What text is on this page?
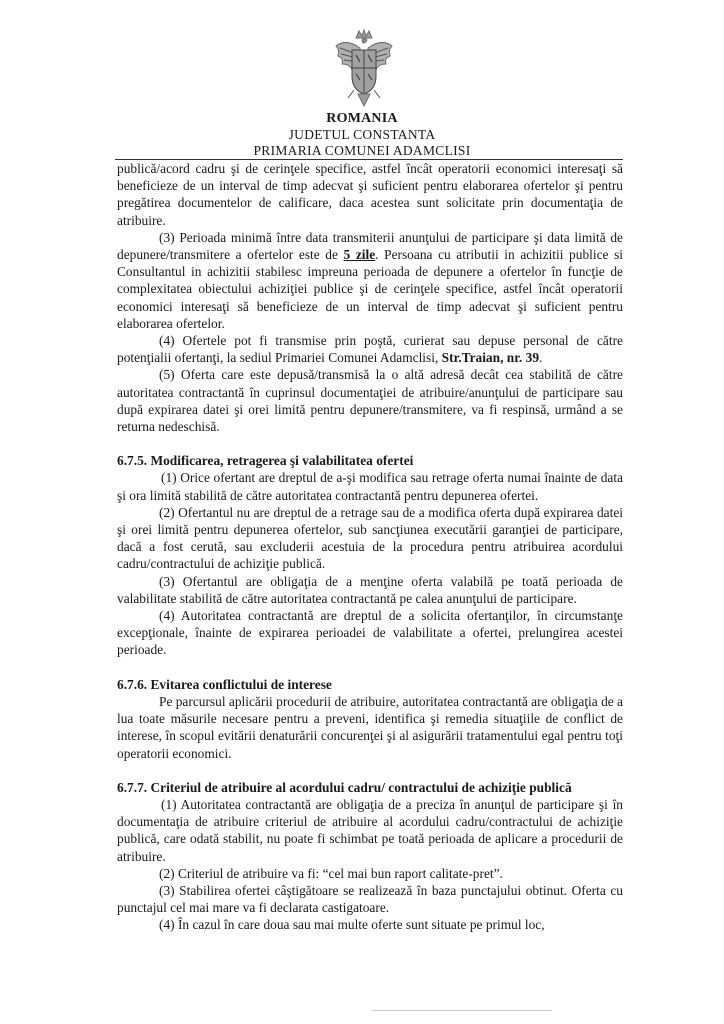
ROMANIA
JUDETUL CONSTANTA
PRIMARIA COMUNEI ADAMCLISI

publică/acord cadru şi de cerinţele specifice, astfel încât operatorii economici interesaţi să beneficieze de un interval de timp adecvat şi suficient pentru elaborarea ofertelor şi pentru pregătirea documentelor de calificare, daca acestea sunt solicitate prin documentaţia de atribuire.

(3) Perioada minimă între data transmiterii anunţului de participare şi data limită de depunere/transmitere a ofertelor este de 5 zile. Persoana cu atributii in achizitii publice si Consultantul in achizitii stabilesc impreuna perioada de depunere a ofertelor în funcţie de complexitatea obiectului achiziţiei publice şi de cerinţele specifice, astfel încât operatorii economici interesaţi să beneficieze de un interval de timp adecvat şi suficient pentru elaborarea ofertelor.

(4) Ofertele pot fi transmise prin poştă, curierat sau depuse personal de către potenţialii ofertanţi, la sediul Primariei Comunei Adamclisi, Str.Traian, nr. 39.

(5) Oferta care este depusă/transmisă la o altă adresă decât cea stabilită de către autoritatea contractantă în cuprinsul documentaţiei de atribuire/anunţului de participare sau după expirarea datei şi orei limită pentru depunere/transmitere, va fi respinsă, urmând a se returna nedeschisă.

6.7.5. Modificarea, retragerea şi valabilitatea ofertei

(1) Orice ofertant are dreptul de a-şi modifica sau retrage oferta numai înainte de data şi ora limită stabilită de către autoritatea contractantă pentru depunerea ofertei.

(2) Ofertantul nu are dreptul de a retrage sau de a modifica oferta după expirarea datei şi orei limită pentru depunerea ofertelor, sub sancţiunea executării garanţiei de participare, dacă a fost cerută, sau excluderii acestuia de la procedura pentru atribuirea acordului cadru/contractului de achiziţie publică.

(3) Ofertantul are obligaţia de a menţine oferta valabilă pe toată perioada de valabilitate stabilită de către autoritatea contractantă pe calea anunţului de participare.

(4) Autoritatea contractantă are dreptul de a solicita ofertanţilor, în circumstanţe excepţionale, înainte de expirarea perioadei de valabilitate a ofertei, prelungirea acestei perioade.

6.7.6. Evitarea conflictului de interese

Pe parcursul aplicării procedurii de atribuire, autoritatea contractantă are obligaţia de a lua toate măsurile necesare pentru a preveni, identifica şi remedia situaţiile de conflict de interese, în scopul evitării denaturării concurenţei şi al asigurării tratamentului egal pentru toţi operatorii economici.

6.7.7. Criteriul de atribuire al acordului cadru/ contractului de achiziţie publică

(1) Autoritatea contractantă are obligaţia de a preciza în anunţul de participare şi în documentaţia de atribuire criteriul de atribuire al acordului cadru/contractului de achiziţie publică, care odată stabilit, nu poate fi schimbat pe toată perioada de aplicare a procedurii de atribuire.

(2) Criteriul de atribuire va fi: “cel mai bun raport calitate-pret”.

(3) Stabilirea ofertei câştigătoare se realizează în baza punctajului obtinut. Oferta cu punctajul cel mai mare va fi declarata castigatoare.

(4) În cazul în care doua sau mai multe oferte sunt situate pe primul loc,
